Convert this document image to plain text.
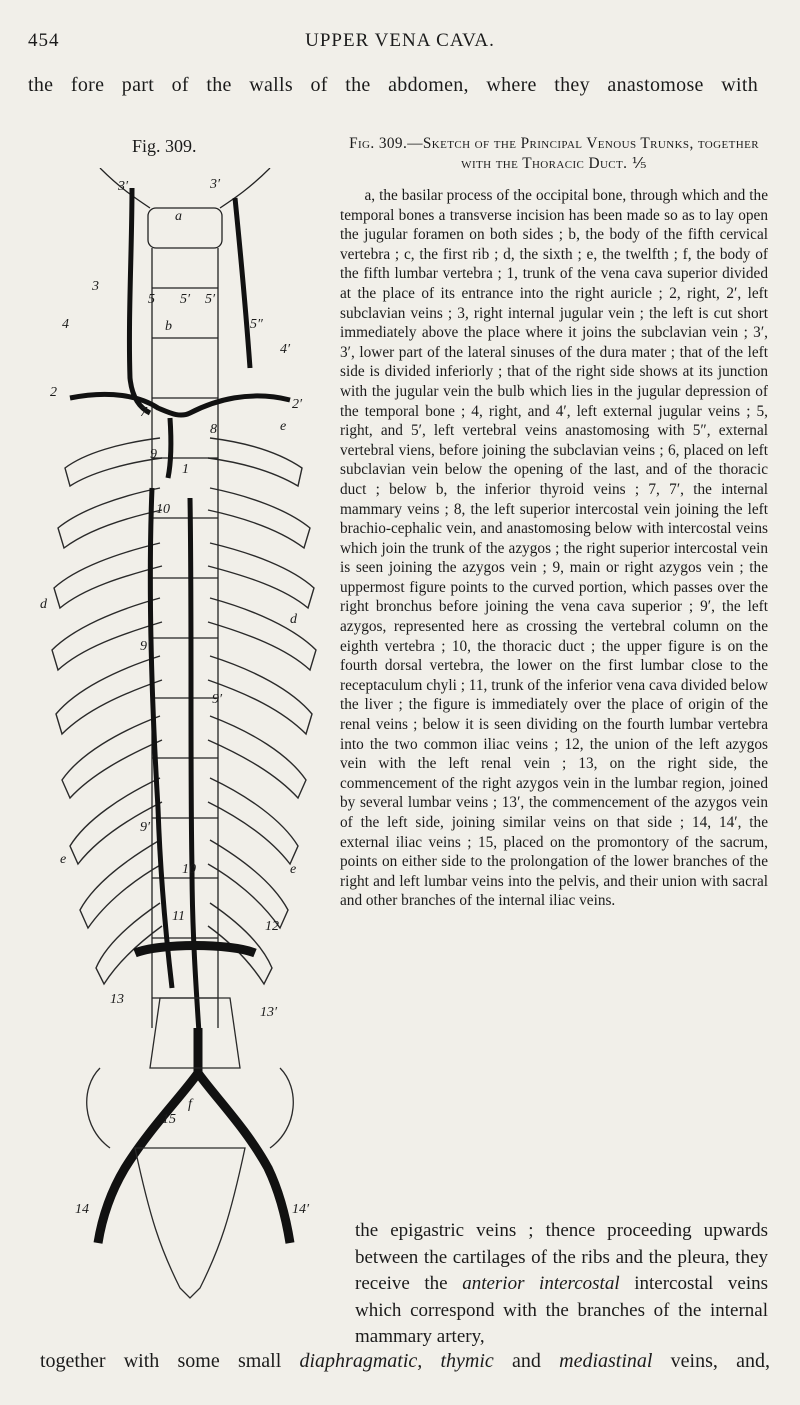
454	UPPER VENA CAVA.
the fore part of the walls of the abdomen, where they anastomose with
Fig. 309.
3′	3′
a
3
5 5′ 5′
b
4	5″
4′
2
2′
7
8	e
9
1
10
d
d
9′
9′
9′
e
e
10
11
12
13
13′
f
15
14	14′
Fig. 309.—Sketch of the Principal Venous Trunks, together with the Thoracic Duct. ⅕
a, the basilar process of the occipital bone, through which and the temporal bones a transverse incision has been made so as to lay open the jugular foramen on both sides ; b, the body of the fifth cervical vertebra ; c, the first rib ; d, the sixth ; e, the twelfth ; f, the body of the fifth lumbar vertebra ; 1, trunk of the vena cava superior divided at the place of its entrance into the right auricle ; 2, right, 2′, left subclavian veins ; 3, right internal jugular vein ; the left is cut short immediately above the place where it joins the subclavian vein ; 3′, 3′, lower part of the lateral sinuses of the dura mater ; that of the left side is divided inferiorly ; that of the right side shows at its junction with the jugular vein the bulb which lies in the jugular depression of the temporal bone ; 4, right, and 4′, left external jugular veins ; 5, right, and 5′, left vertebral veins anastomosing with 5″, external vertebral viens, before joining the subclavian veins ; 6, placed on left subclavian vein below the opening of the last, and of the thoracic duct ; below b, the inferior thyroid veins ; 7, 7′, the internal mammary veins ; 8, the left superior intercostal vein joining the left brachio-cephalic vein, and anastomosing below with intercostal veins which join the trunk of the azygos ; the right superior intercostal vein is seen joining the azygos vein ; 9, main or right azygos vein ; the uppermost figure points to the curved portion, which passes over the right bronchus before joining the vena cava superior ; 9′, the left azygos, represented here as crossing the vertebral column on the eighth vertebra ; 10, the thoracic duct ; the upper figure is on the fourth dorsal vertebra, the lower on the first lumbar close to the receptaculum chyli ; 11, trunk of the inferior vena cava divided below the liver ; the figure is immediately over the place of origin of the renal veins ; below it is seen dividing on the fourth lumbar vertebra into the two common iliac veins ; 12, the union of the left azygos vein with the left renal vein ; 13, on the right side, the commencement of the right azygos vein in the lumbar region, joined by several lumbar veins ; 13′, the commencement of the azygos vein of the left side, joining similar veins on that side ; 14, 14′, the external iliac veins ; 15, placed on the promontory of the sacrum, points on either side to the prolongation of the lower branches of the right and left lumbar veins into the pelvis, and their union with sacral and other branches of the internal iliac veins.
the epigastric veins ; thence proceeding upwards between the cartilages of the ribs and the pleura, they receive the anterior intercostal intercostal veins which correspond with the branches of the internal mammary artery,
together with some small diaphragmatic, thymic and mediastinal veins, and,
